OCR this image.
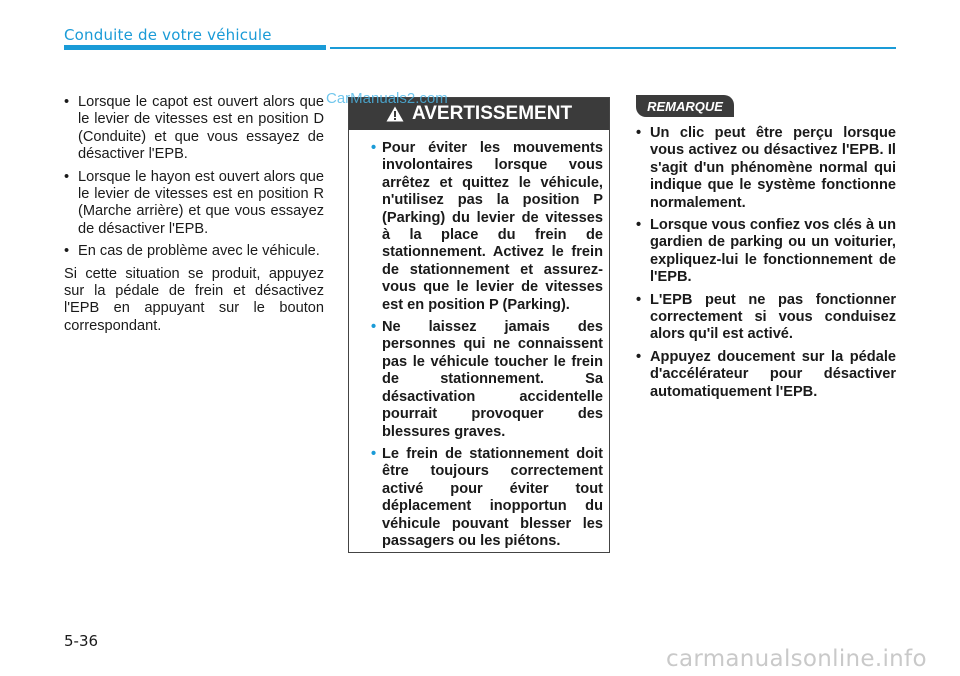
Conduite de votre véhicule
• Lorsque le capot est ouvert alors que le levier de vitesses est en position D (Conduite) et que vous essayez de désactiver l'EPB.
• Lorsque le hayon est ouvert alors que le levier de vitesses est en position R (Marche arrière) et que vous essayez de désactiver l'EPB.
• En cas de problème avec le véhicule.

Si cette situation se produit, appuyez sur la pédale de frein et désactivez l'EPB en appuyant sur le bouton correspondant.

AVERTISSEMENT
• Pour éviter les mouvements involontaires lorsque vous arrêtez et quittez le véhicule, n'utilisez pas la position P (Parking) du levier de vitesses à la place du frein de stationnement. Activez le frein de stationnement et assurez-vous que le levier de vitesses est en position P (Parking).
• Ne laissez jamais des personnes qui ne connaissent pas le véhicule toucher le frein de stationnement. Sa désactivation accidentelle pourrait provoquer des blessures graves.
• Le frein de stationnement doit être toujours correctement activé pour éviter tout déplacement inopportun du véhicule pouvant blesser les passagers ou les piétons.
CarManuals2.com	REMARQUE
• Un clic peut être perçu lorsque vous activez ou désactivez l'EPB. Il s'agit d'un phénomène normal qui indique que le système fonctionne normalement.
• Lorsque vous confiez vos clés à un gardien de parking ou un voiturier, expliquez-lui le fonctionnement de l'EPB.
• L'EPB peut ne pas fonctionner correctement si vous conduisez alors qu'il est activé.
• Appuyez doucement sur la pédale d'accélérateur pour désactiver automatiquement l'EPB.
5-36
carmanualsonline.info
